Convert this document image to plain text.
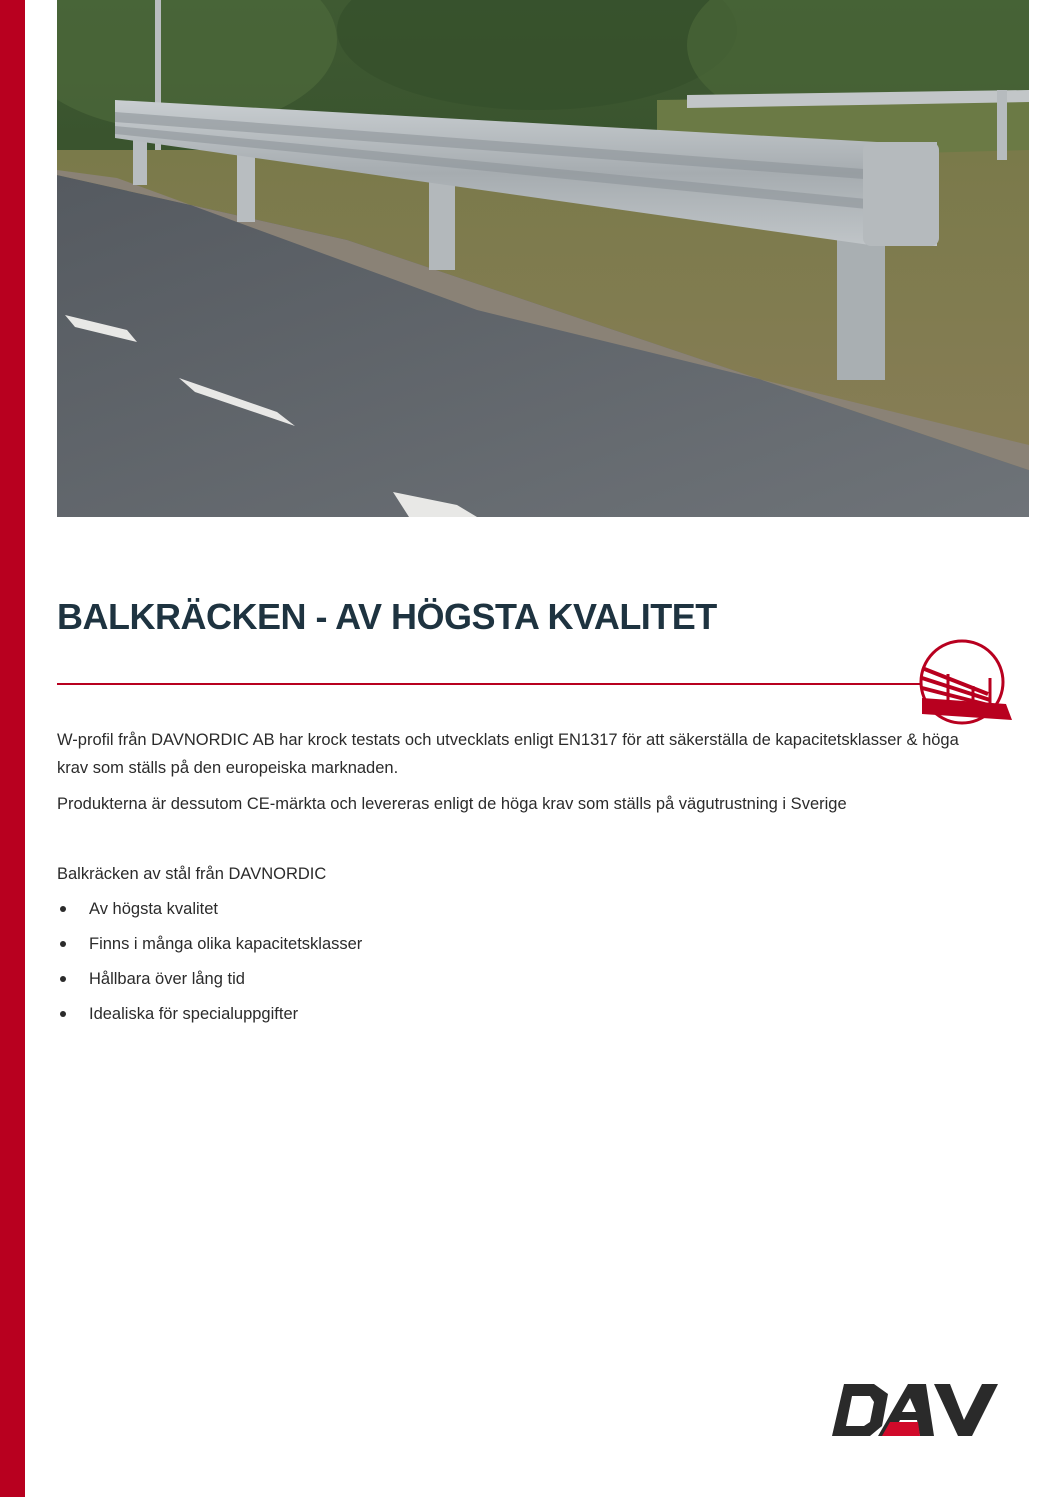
BALKRÄCKEN - AV HÖGSTA KVALITET

W-profil från DAVNORDIC AB har krock testats och utvecklats enligt EN1317 för att säkerställa de kapacitetsklasser & höga krav som ställs på den europeiska marknaden.

Produkterna är dessutom CE-märkta och levereras enligt de höga krav som ställs på vägutrustning i Sverige

Balkräcken av stål från DAVNORDIC
Av högsta kvalitet
Finns i många olika kapacitetsklasser
Hållbara över lång tid
Idealiska för specialuppgifter
